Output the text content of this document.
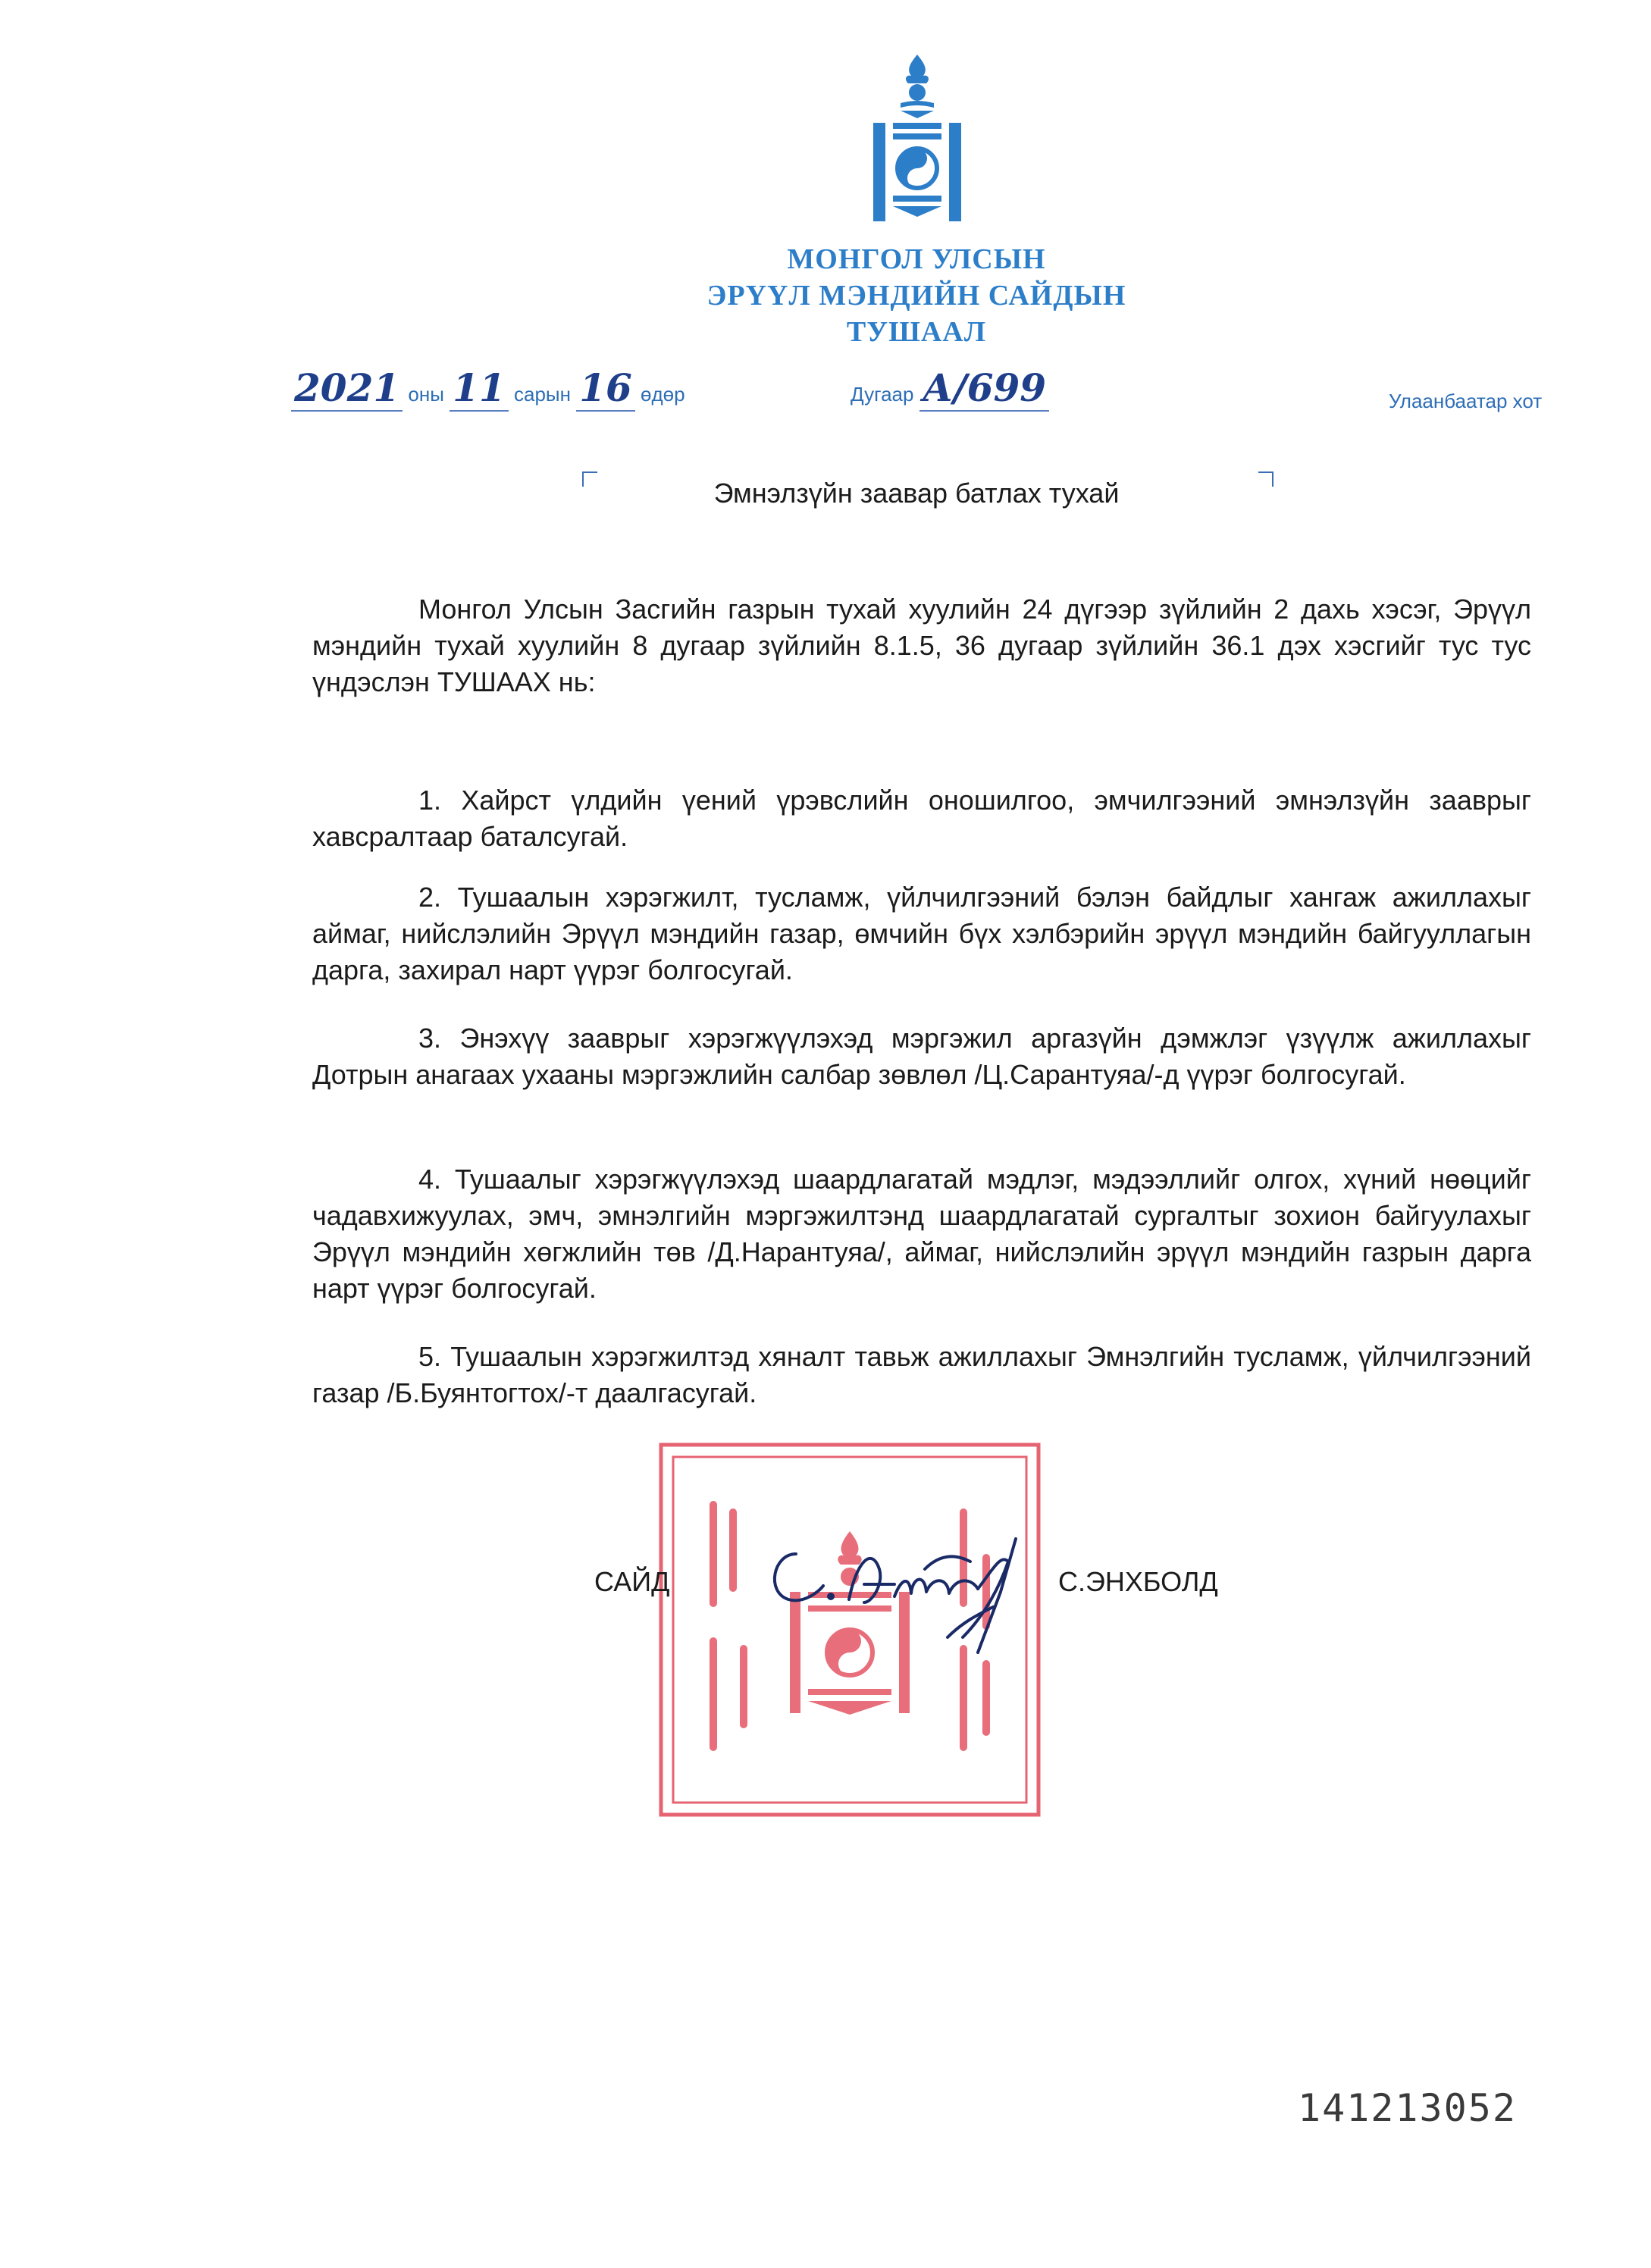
МОНГОЛ УЛСЫН
ЭРҮҮЛ МЭНДИЙН САЙДЫН
ТУШААЛ
2021 оны 11 сарын 16 өдөр	Дугаар А/699	Улаанбаатар хот
Эмнэлзүйн заавар батлах тухай
Монгол Улсын Засгийн газрын тухай хуулийн 24 дүгээр зүйлийн 2 дахь хэсэг, Эрүүл мэндийн тухай хуулийн 8 дугаар зүйлийн 8.1.5, 36 дугаар зүйлийн 36.1 дэх хэсгийг тус тус үндэслэн ТУШААХ нь:
1. Хайрст үлдийн үений үрэвслийн оношилгоо, эмчилгээний эмнэлзүйн зааврыг хавсралтаар баталсугай.
2. Тушаалын хэрэгжилт, тусламж, үйлчилгээний бэлэн байдлыг хангаж ажиллахыг аймаг, нийслэлийн Эрүүл мэндийн газар, өмчийн бүх хэлбэрийн эрүүл мэндийн байгууллагын дарга, захирал нарт үүрэг болгосугай.
3. Энэхүү зааврыг хэрэгжүүлэхэд мэргэжил аргазүйн дэмжлэг үзүүлж ажиллахыг Дотрын анагаах ухааны мэргэжлийн салбар зөвлөл /Ц.Сарантуяа/-д үүрэг болгосугай.
4. Тушаалыг хэрэгжүүлэхэд шаардлагатай мэдлэг, мэдээллийг олгох, хүний нөөцийг чадавхижуулах, эмч, эмнэлгийн мэргэжилтэнд шаардлагатай сургалтыг зохион байгуулахыг Эрүүл мэндийн хөгжлийн төв /Д.Нарантуяа/, аймаг, нийслэлийн эрүүл мэндийн газрын дарга нарт үүрэг болгосугай.
5. Тушаалын хэрэгжилтэд хяналт тавьж ажиллахыг Эмнэлгийн тусламж, үйлчилгээний газар /Б.Буянтогтох/-т даалгасугай.
САЙД	С.ЭНХБОЛД
141213052
